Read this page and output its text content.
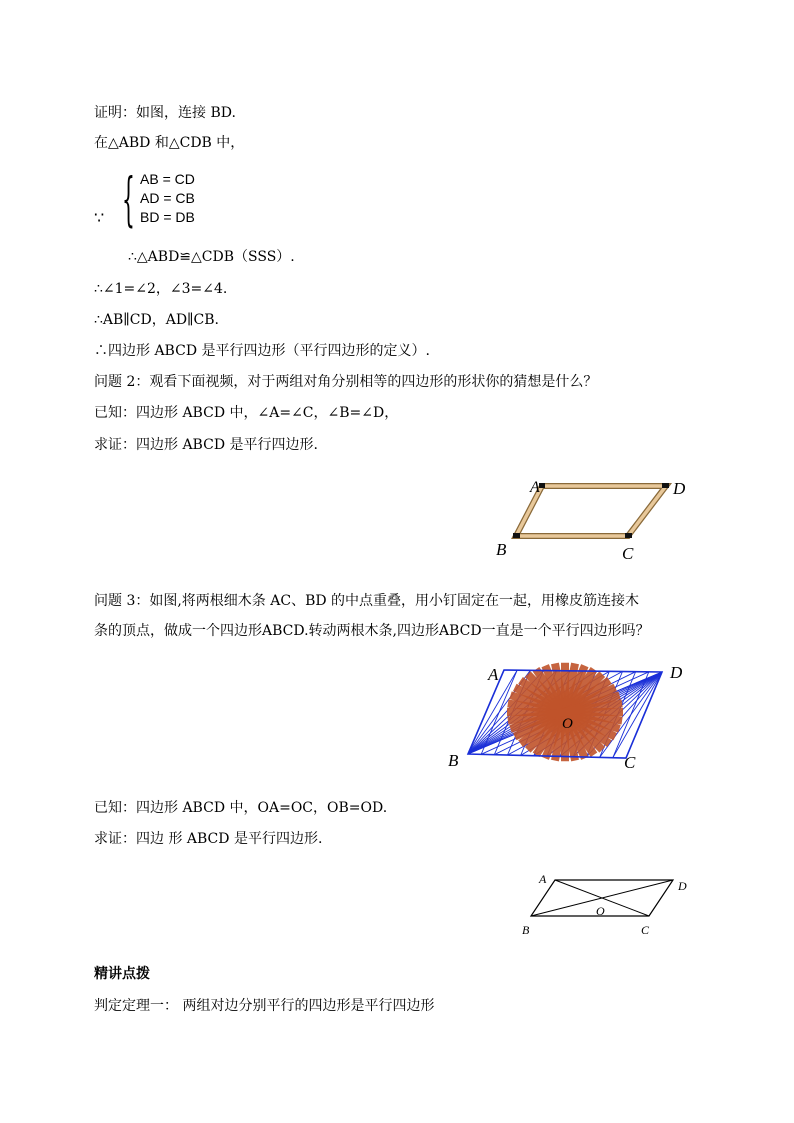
证明：如图，连接 BD.
在△ABD 和△CDB 中，
∵ { AB = CD
AD = CB
BD = DB
∴△ABD≌△CDB（SSS）.
∴∠1=∠2，∠3=∠4.
∴AB∥CD，AD∥CB.
∴四边形 ABCD 是平行四边形（平行四边形的定义）.
问题 2：观看下面视频，对于两组对角分别相等的四边形的形状你的猜想是什么？
已知：四边形 ABCD 中，∠A=∠C，∠B=∠D，
求证：四边形 ABCD 是平行四边形.
A	D
B	C
问题 3：如图,将两根细木条 AC、BD 的中点重叠，用小钉固定在一起，用橡皮筋连接木
条的顶点，做成一个四边形ABCD.转动两根木条,四边形ABCD一直是一个平行四边形吗？
A	D
B	C
O
已知：四边形 ABCD 中，OA=OC，OB=OD.
求证：四边 形 ABCD 是平行四边形.
A	D
B	C
O
精讲点拨
判定定理一： 两组对边分别平行的四边形是平行四边形
